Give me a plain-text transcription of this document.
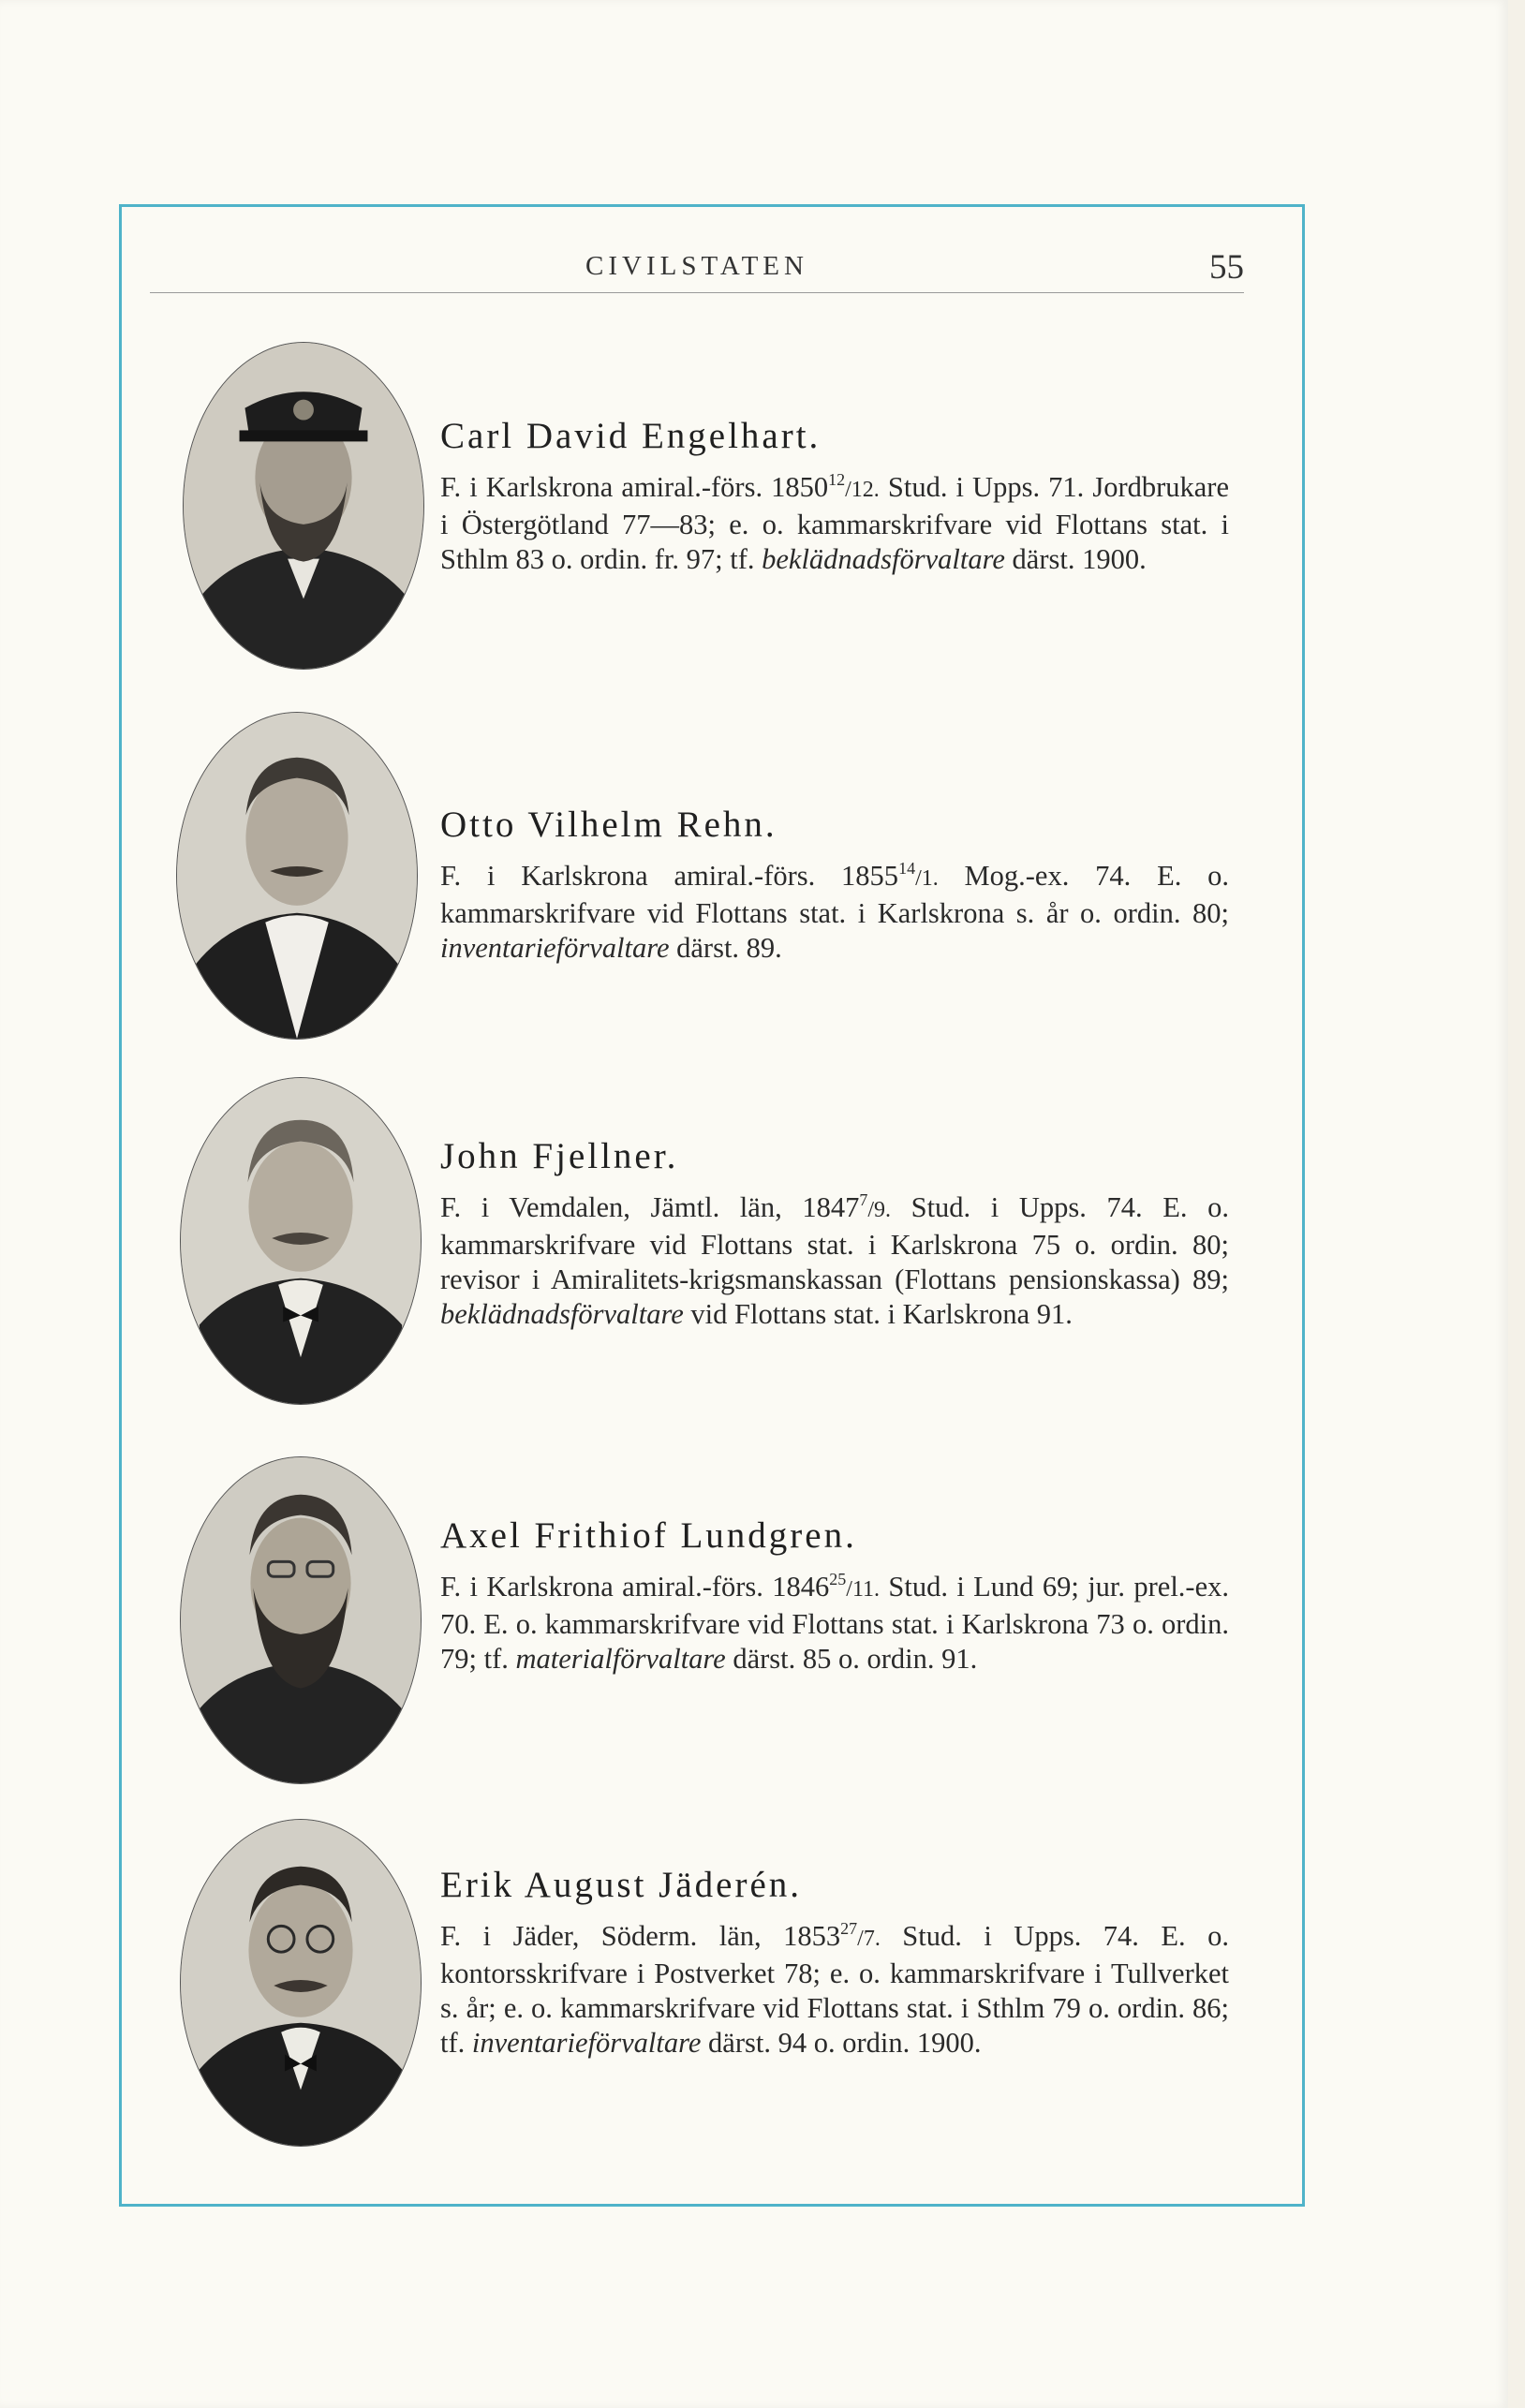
CIVILSTATEN	55
Carl David Engelhart.
F. i Karlskrona amiral.-förs. 1850$^{12}$/12. Stud. i Upps. 71. Jordbrukare i Östergötland 77—83; e. o. kammarskrifvare vid Flottans stat. i Sthlm 83 o. ordin. fr. 97; tf. beklädnadsförvaltare därst. 1900.
Otto Vilhelm Rehn.
F. i Karlskrona amiral.-förs. 1855$^{14}$/1. Mog.-ex. 74. E. o. kammarskrifvare vid Flottans stat. i Karlskrona s. år o. ordin. 80; inventarieförvaltare därst. 89.
John Fjellner.
F. i Vemdalen, Jämtl. län, 1847$^7$/9. Stud. i Upps. 74. E. o. kammarskrifvare vid Flottans stat. i Karlskrona 75 o. ordin. 80; revisor i Amiralitets-krigsmanskassan (Flottans pensionskassa) 89; beklädnadsförvaltare vid Flottans stat. i Karlskrona 91.
Axel Frithiof Lundgren.
F. i Karlskrona amiral.-förs. 1846$^{25}$/11. Stud. i Lund 69; jur. prel.-ex. 70. E. o. kammarskrifvare vid Flottans stat. i Karlskrona 73 o. ordin. 79; tf. materialförvaltare därst. 85 o. ordin. 91.
Erik August Jäderén.
F. i Jäder, Söderm. län, 1853$^{27}$/7. Stud. i Upps. 74. E. o. kontorsskrifvare i Postverket 78; e. o. kammarskrifvare i Tullverket s. år; e. o. kammarskrifvare vid Flottans stat. i Sthlm 79 o. ordin. 86; tf. inventarieförvaltare därst. 94 o. ordin. 1900.
